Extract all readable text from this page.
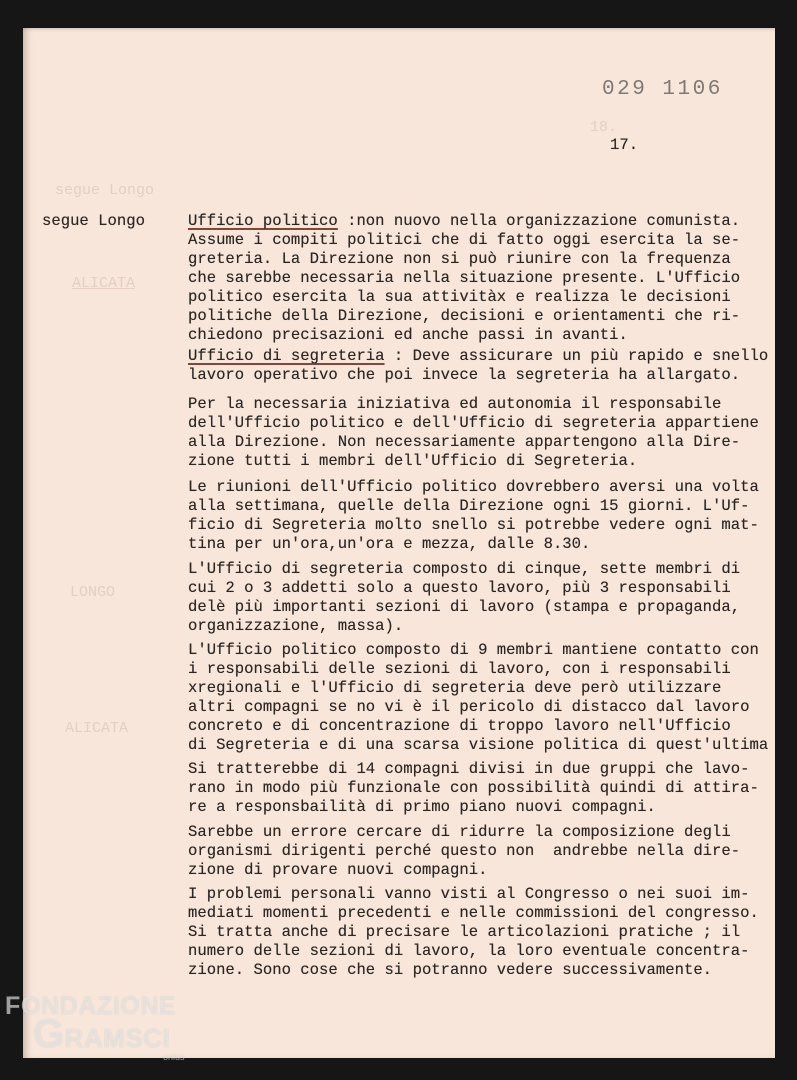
18.
segue Longo
ALICATA
LONGO
ALICATA
029 1106
17.
segue Longo	Ufficio politico :non nuovo nella organizzazione comunista.
Assume i compiti politici che di fatto oggi esercita la se-
greteria. La Direzione non si può riunire con la frequenza
che sarebbe necessaria nella situazione presente. L'Ufficio
politico esercita la sua attivitàx e realizza le decisioni
politiche della Direzione, decisioni e orientamenti che ri-
chiedono precisazioni ed anche passi in avanti.
Ufficio di segreteria : Deve assicurare un più rapido e snello
lavoro operativo che poi invece la segreteria ha allargato.
Per la necessaria iniziativa ed autonomia il responsabile
dell'Ufficio politico e dell'Ufficio di segreteria appartiene
alla Direzione. Non necessariamente appartengono alla Dire-
zione tutti i membri dell'Ufficio di Segreteria.
Le riunioni dell'Ufficio politico dovrebbero aversi una volta
alla settimana, quelle della Direzione ogni 15 giorni. L'Uf-
ficio di Segreteria molto snello si potrebbe vedere ogni mat-
tina per un'ora,un'ora e mezza, dalle 8.30.
L'Ufficio di segreteria composto di cinque, sette membri di
cui 2 o 3 addetti solo a questo lavoro, più 3 responsabili
delè più importanti sezioni di lavoro (stampa e propaganda,
organizzazione, massa).
L'Ufficio politico composto di 9 membri mantiene contatto con
i responsabili delle sezioni di lavoro, con i responsabili
xregionali e l'Ufficio di segreteria deve però utilizzare
altri compagni se no vi è il pericolo di distacco dal lavoro
concreto e di concentrazione di troppo lavoro nell'Ufficio
di Segreteria e di una scarsa visione politica di quest'ultima
Si tratterebbe di 14 compagni divisi in due gruppi che lavo-
rano in modo più funzionale con possibilità quindi di attira-
re a responsbailità di primo piano nuovi compagni.
Sarebbe un errore cercare di ridurre la composizione degli
organismi dirigenti perché questo non  andrebbe nella dire-
zione di provare nuovi compagni.
I problemi personali vanno visti al Congresso o nei suoi im-
mediati momenti precedenti e nelle commissioni del congresso.
Si tratta anche di precisare le articolazioni pratiche ; il
numero delle sezioni di lavoro, la loro eventuale concentra-
zione. Sono cose che si potranno vedere successivamente.
FONDAZIONE
GRAMSCI
onlus
